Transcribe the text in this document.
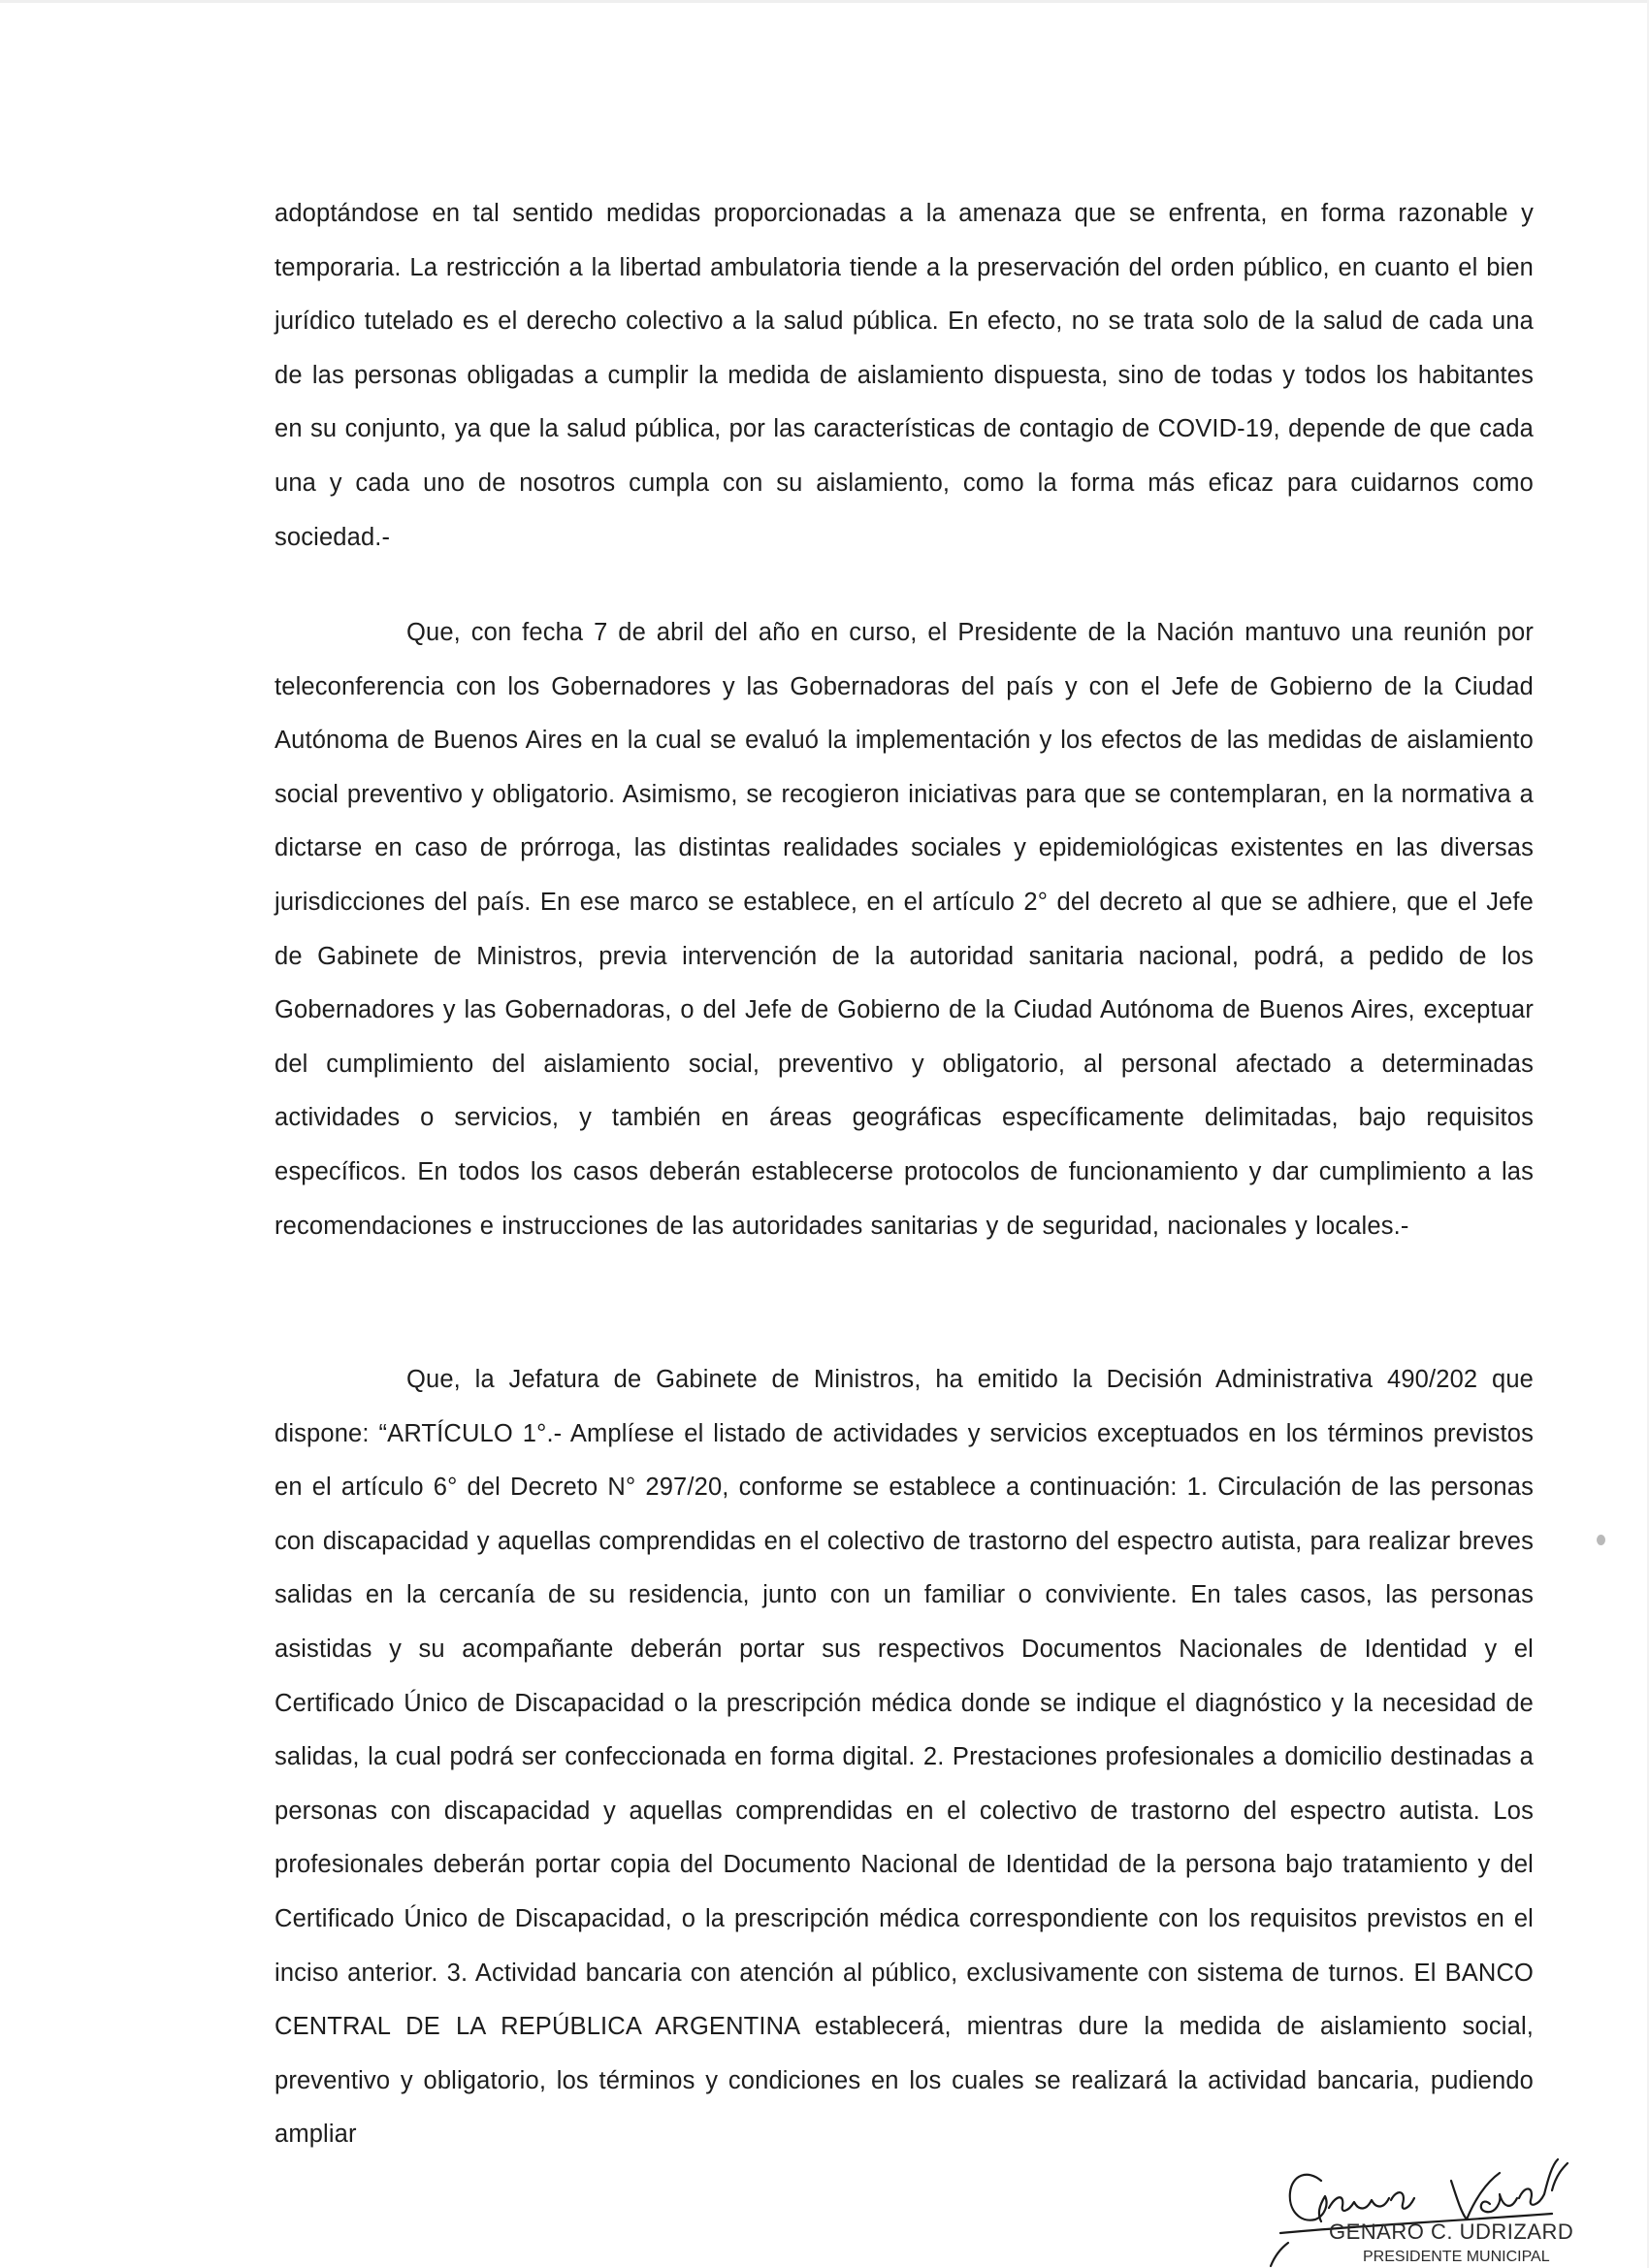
adoptándose en tal sentido medidas proporcionadas a la amenaza que se enfrenta, en forma razonable y temporaria. La restricción a la libertad ambulatoria tiende a la preservación del orden público, en cuanto el bien jurídico tutelado es el derecho colectivo a la salud pública. En efecto, no se trata solo de la salud de cada una de las personas obligadas a cumplir la medida de aislamiento dispuesta, sino de todas y todos los habitantes en su conjunto, ya que la salud pública, por las características de contagio de COVID-19, depende de que cada una y cada uno de nosotros cumpla con su aislamiento, como la forma más eficaz para cuidarnos como sociedad.-

Que, con fecha 7 de abril del año en curso, el Presidente de la Nación mantuvo una reunión por teleconferencia con los Gobernadores y las Gobernadoras del país y con el Jefe de Gobierno de la Ciudad Autónoma de Buenos Aires en la cual se evaluó la implementación y los efectos de las medidas de aislamiento social preventivo y obligatorio. Asimismo, se recogieron iniciativas para que se contemplaran, en la normativa a dictarse en caso de prórroga, las distintas realidades sociales y epidemiológicas existentes en las diversas jurisdicciones del país. En ese marco se establece, en el artículo 2° del decreto al que se adhiere, que el Jefe de Gabinete de Ministros, previa intervención de la autoridad sanitaria nacional, podrá, a pedido de los Gobernadores y las Gobernadoras, o del Jefe de Gobierno de la Ciudad Autónoma de Buenos Aires, exceptuar del cumplimiento del aislamiento social, preventivo y obligatorio, al personal afectado a determinadas actividades o servicios, y también en áreas geográficas específicamente delimitadas, bajo requisitos específicos. En todos los casos deberán establecerse protocolos de funcionamiento y dar cumplimiento a las recomendaciones e instrucciones de las autoridades sanitarias y de seguridad, nacionales y locales.-

Que, la Jefatura de Gabinete de Ministros, ha emitido la Decisión Administrativa 490/202 que dispone: “ARTÍCULO 1°.- Amplíese el listado de actividades y servicios exceptuados en los términos previstos en el artículo 6° del Decreto N° 297/20, conforme se establece a continuación: 1. Circulación de las personas con discapacidad y aquellas comprendidas en el colectivo de trastorno del espectro autista, para realizar breves salidas en la cercanía de su residencia, junto con un familiar o conviviente. En tales casos, las personas asistidas y su acompañante deberán portar sus respectivos Documentos Nacionales de Identidad y el Certificado Único de Discapacidad o la prescripción médica donde se indique el diagnóstico y la necesidad de salidas, la cual podrá ser confeccionada en forma digital. 2. Prestaciones profesionales a domicilio destinadas a personas con discapacidad y aquellas comprendidas en el colectivo de trastorno del espectro autista. Los profesionales deberán portar copia del Documento Nacional de Identidad de la persona bajo tratamiento y del Certificado Único de Discapacidad, o la prescripción médica correspondiente con los requisitos previstos en el inciso anterior. 3. Actividad bancaria con atención al público, exclusivamente con sistema de turnos. El BANCO CENTRAL DE LA REPÚBLICA ARGENTINA establecerá, mientras dure la medida de aislamiento social, preventivo y obligatorio, los términos y condiciones en los cuales se realizará la actividad bancaria, pudiendo ampliar

GENARO C. UDRIZARD
PRESIDENTE MUNICIPAL
